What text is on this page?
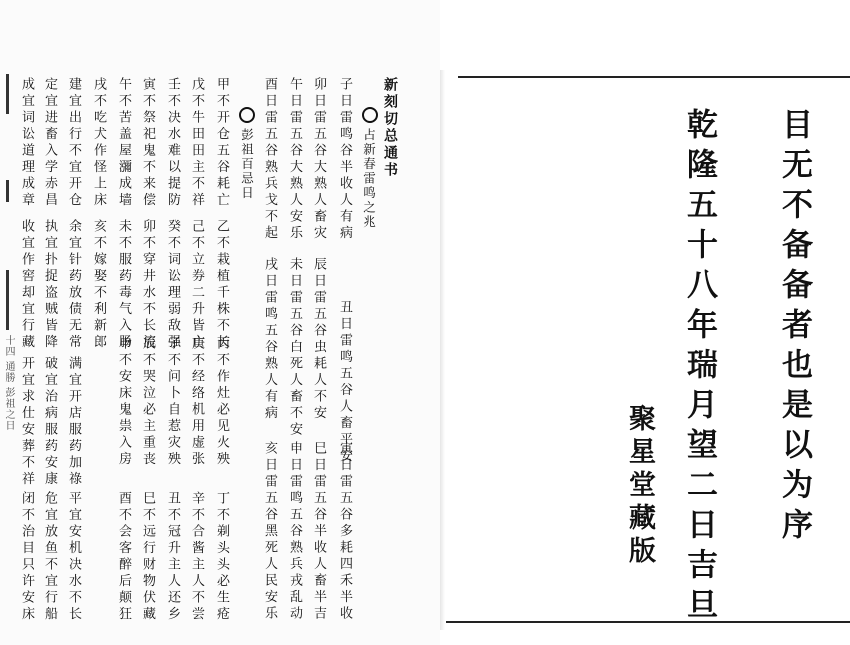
十四 通勝 彭祖之日
新刻切总通书
占新春雷鸣之兆
子日雷鸣谷半收人有病
丑日雷鸣五谷人畜平安
寅日雷五谷多耗四禾半收
卯日雷五谷大熟人畜灾
辰日雷五谷虫耗人不安
巳日雷五谷半收人畜半吉
午日雷五谷大熟人安乐
未日雷五谷白死人畜不安
申日雷鸣五谷熟兵戎乱动
酉日雷五谷熟兵戈不起
戌日雷鸣五谷熟人有病
亥日雷五谷黑死人民安乐
彭祖百忌日
甲不开仓五谷耗亡
乙不栽植千株不长
丙不作灶必见火殃
丁不剃头头必生疮
戊不牛田田主不祥
己不立券二升皆亡
庚不经络机用虚张
辛不合酱主人不尝
壬不决水难以提防
癸不词讼理弱敌强
子不问卜自惹灾殃
丑不冠升主人还乡
寅不祭祀鬼不来偿
卯不穿井水不长流
辰不哭泣必主重丧
巳不远行财物伏藏
午不苦盖屋瀰成墙
未不服药毒气入肠
申不安床鬼祟入房
酉不会客醉后颠狂
戌不吃犬作怪上床
亥不嫁娶不利新郎
建宜出行不宜开仓
余宜针药放债无常
满宜开店服药加祿
平宜安机决水不长
定宜进畜入学赤昌
执宜扑捉盗贼皆降
破宜治病服药安康
危宜放鱼不宜行船
成宜词讼道理成章
收宜作窖却宜行藏
开宜求仕安葬不祥
闭不治目只许安床
目无不备备者也是以为序
乾隆五十八年瑞月望二日吉旦
聚星堂藏版
